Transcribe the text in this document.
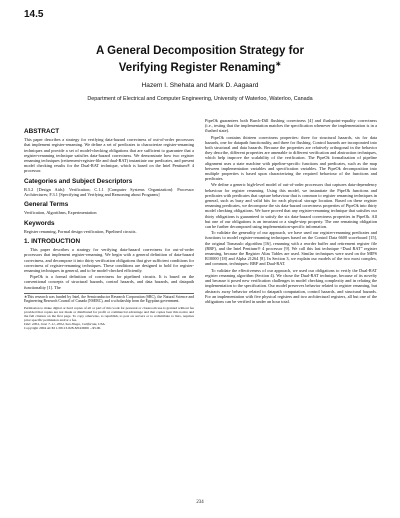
14.5
A General Decomposition Strategy for
Verifying Register Renaming∗
Hazem I. Shehata and Mark D. Aagaard
Department of Electrical and Computer Engineering, University of Waterloo, Waterloo, Canada
ABSTRACT

This paper describes a strategy for verifying data-hazard correctness of out-of-order processors that implement register-renaming. We define a set of predicates to characterize register-renaming techniques and provide a set of model-checking obligations that are sufficient to guarantee that a register-renaming technique satisfies data-hazard correctness. We demonstrate how two register renaming techniques (retirement-register-file and dual-RAT) instantiate our predicates, and present model checking results for the Dual-RAT technique, which is based on the Intel Pentium® 4 processor.

Categories and Subject Descriptors

B.5.2 [Design Aids]: Verification; C.1.1 [Computer Systems Organization]: Processor Architectures; F.3.1 [Specifying and Verifying and Reasoning about Programs]

General Terms

Verification, Algorithms, Experimentation

Keywords

Register renaming, Formal design verification, Pipelined circuits.

1. INTRODUCTION

This paper describes a strategy for verifying data-hazard correctness for out-of-order processors that implement register-renaming. We begin with a general definition of data-hazard correctness, and decompose it into thirty verification obligations that give sufficient conditions for correctness of register-renaming techniques. These conditions are designed to hold for register-renaming techniques in general, and to be model-checked efficiently.

PipeOk is a formal definition of correctness for pipelined circuits. It is based on the conventional concepts of structural hazards, control hazards, and data hazards, and datapath functionality [1]. The

∗This research was funded by Intel, the Semiconductor Research Corporation (SRC), the Natural Science and Engineering Research Council of Canada (NSERC), and a scholarship from the Egyptian government.
Permission to make digital or hard copies of all or part of this work for personal or classroom use is granted without fee provided that copies are not made or distributed for profit or commercial advantage and that copies bear this notice and the full citation on the first page. To copy otherwise, to republish, to post on servers or to redistribute to lists, requires prior specific permission and/or a fee.
DAC 2004, June 7–11, 2004, San Diego, California, USA.
Copyright 2004 ACM 1-58113-828-8/04/0006 ...$5.00.

PipeOk guarantees both Burch-Dill flushing correctness [4] and flushpoint-equality correctness (i.e., testing that the implementation matches the specification whenever the implementation is in a flushed state).

PipeOk contains thirteen correctness properties: three for structural hazards, six for data hazards, one for datapath functionality, and three for flushing. Control hazards are incorporated into both structural and data hazards. Because the properties are relatively orthogonal in the behavior they describe, different properties are amenable to different verification and abstraction techniques, which help improve the scalability of the verification. The PipeOk formalization of pipeline alignment uses a state machine with pipeline-specific functions and predicates, such as the map between implementation variables and specification variables. The PipeOk decomposition into multiple properties is based upon characterizing the required behaviour of the functions and predicates.

We define a generic high-level model of out-of-order processors that captures data-dependency behaviour for register renaming. Using this model, we instantiate the PipeOk functions and predicates with predicates that capture behaviour that is common to register renaming techniques in general, such as busy and valid bits for each physical storage location. Based on these register renaming predicates, we decompose the six data-hazard correctness properties of PipeOk into thirty model checking obligations. We have proved that any register-renaming technique that satisfies our thirty obligations is guaranteed to satisfy the six data-hazard correctness properties in PipeOk. All but one of our obligations is an invariant or a single-step property. The one remaining obligation can be further decomposed using implementation-specific information.

To validate the generality of our approach, we have used our register-renaming predicates and functions to model register-renaming techniques based on the Control Data 6600 scoreboard [15], the original Tomasulo algorithm [16], renaming with a reorder buffer and retirement register file (RRF), and the Intel Pentium® 4 processor [9]. We call this last technique “Dual RAT” register renaming, because the Register Alias Tables are used. Similar techniques were used on the MIPS R10000 [18] and Alpha 21264 [8]. In Section 3, we explain our models of the two most complex, and common, techniques: RRF and Dual-RAT.

To validate the effectiveness of our approach, we used our obligations to verify the Dual-RAT register renaming algorithm (Section 4). We chose the Dual-RAT technique, because of its novelty and because it posed new verification challenges in model checking complexity and in relating the implementation to the specification. Our model preserves behavior related to register renaming, but abstracts away behavior related to datapath computation, control hazards, and structural hazards. For an implementation with five physical registers and two architectural registers, all but one of the obligations can be verified in under an hour total.

234
